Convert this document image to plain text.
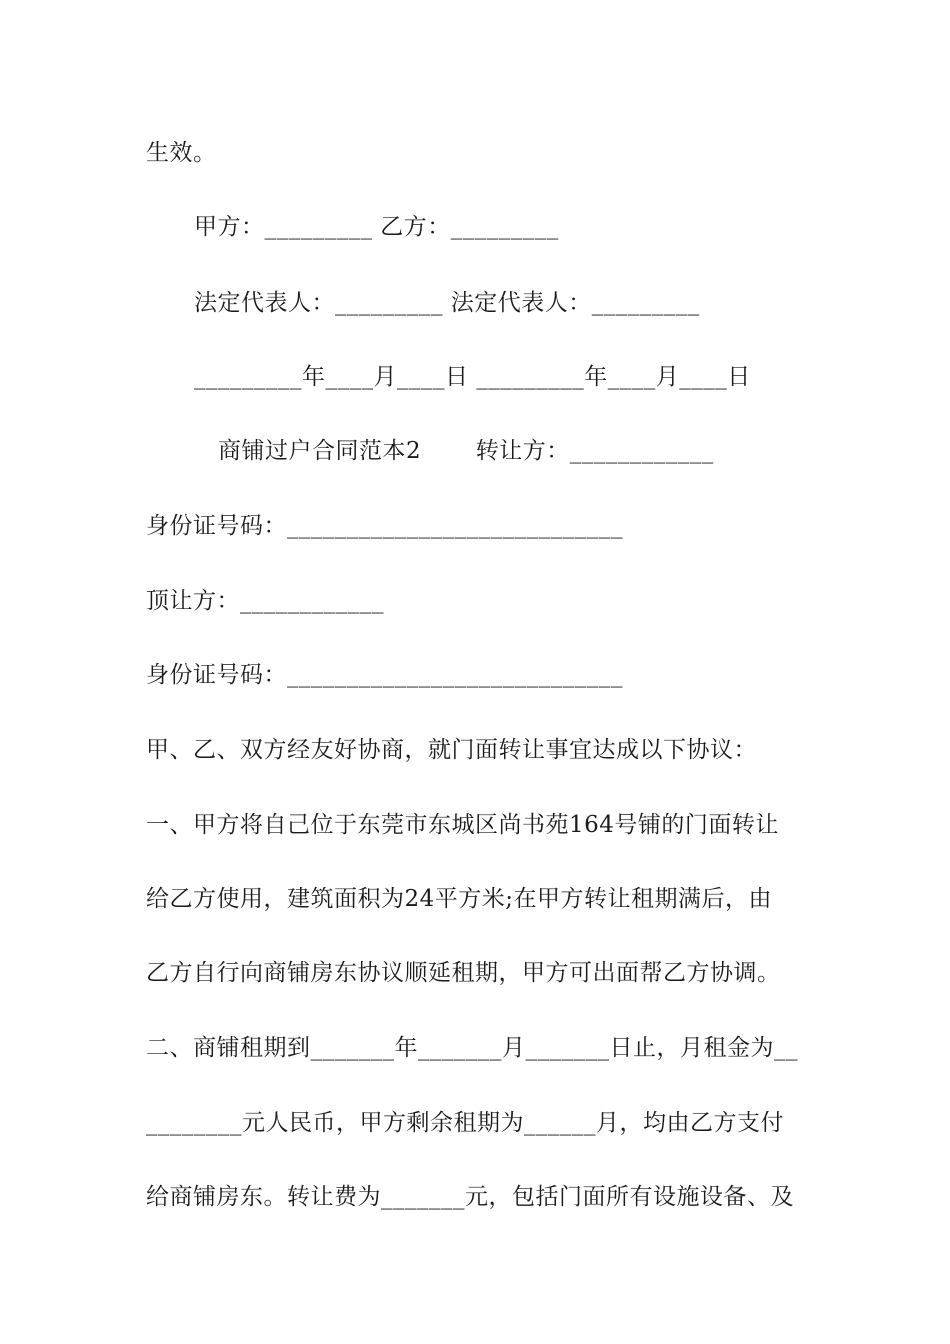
生效。
甲方：_________ 乙方：_________
法定代表人：_________ 法定代表人：_________
_________年____月____日 _________年____月____日
商铺过户合同范本2       转让方：____________
身份证号码：____________________________
顶让方：____________
身份证号码：____________________________
甲、乙、双方经友好协商，就门面转让事宜达成以下协议：
一、甲方将自己位于东莞市东城区尚书苑164号铺的门面转让
给乙方使用，建筑面积为24平方米;在甲方转让租期满后，由
乙方自行向商铺房东协议顺延租期，甲方可出面帮乙方协调。
二、商铺租期到_______年_______月_______日止，月租金为__
________元人民币，甲方剩余租期为______月，均由乙方支付
给商铺房东。转让费为_______元，包括门面所有设施设备、及
